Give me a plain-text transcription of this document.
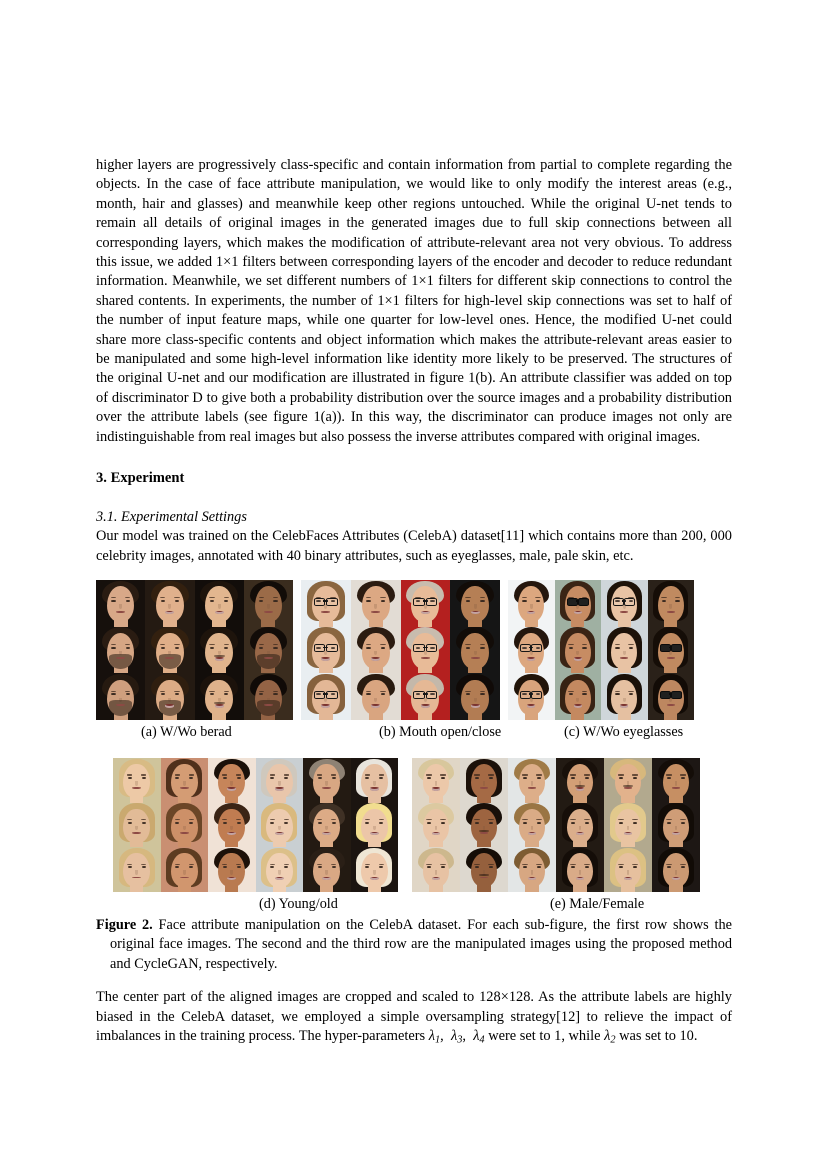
higher layers are progressively class-specific and contain information from partial to complete regarding the objects. In the case of face attribute manipulation, we would like to only modify the interest areas (e.g., month, hair and glasses) and meanwhile keep other regions untouched. While the original U-net tends to remain all details of original images in the generated images due to full skip connections between all corresponding layers, which makes the modification of attribute-relevant area not very obvious. To address this issue, we added 1×1 filters between corresponding layers of the encoder and decoder to reduce redundant information. Meanwhile, we set different numbers of 1×1 filters for different skip connections to control the shared contents. In experiments, the number of 1×1 filters for high-level skip connections was set to half of the number of input feature maps, while one quarter for low-level ones. Hence, the modified U-net could share more class-specific contents and object information which makes the attribute-relevant areas easier to be manipulated and some high-level information like identity more likely to be preserved. The structures of the original U-net and our modification are illustrated in figure 1(b). An attribute classifier was added on top of discriminator D to give both a probability distribution over the source images and a probability distribution over the attribute labels (see figure 1(a)). In this way, the discriminator can produce images not only are indistinguishable from real images but also possess the inverse attributes compared with original images.

3. Experiment
3.1. Experimental Settings

Our model was trained on the CelebFaces Attributes (CelebA) dataset[11] which contains more than 200, 000 celebrity images, annotated with 40 binary attributes, such as eyeglasses, male, pale skin, etc.

(a) W/Wo berad	(b) Mouth open/close	(c) W/Wo eyeglasses
(d) Young/old	(e) Male/Female

Figure 2. Face attribute manipulation on the CelebA dataset. For each sub-figure, the first row shows the original face images. The second and the third row are the manipulated images using the proposed method and CycleGAN, respectively.

The center part of the aligned images are cropped and scaled to 128×128. As the attribute labels are highly biased in the CelebA dataset, we employed a simple oversampling strategy[12] to relieve the impact of imbalances in the training process. The hyper-parameters $\lambda_1$, $\lambda_3$, $\lambda_4$ were set to 1, while $\lambda_2$ was set to 10.
